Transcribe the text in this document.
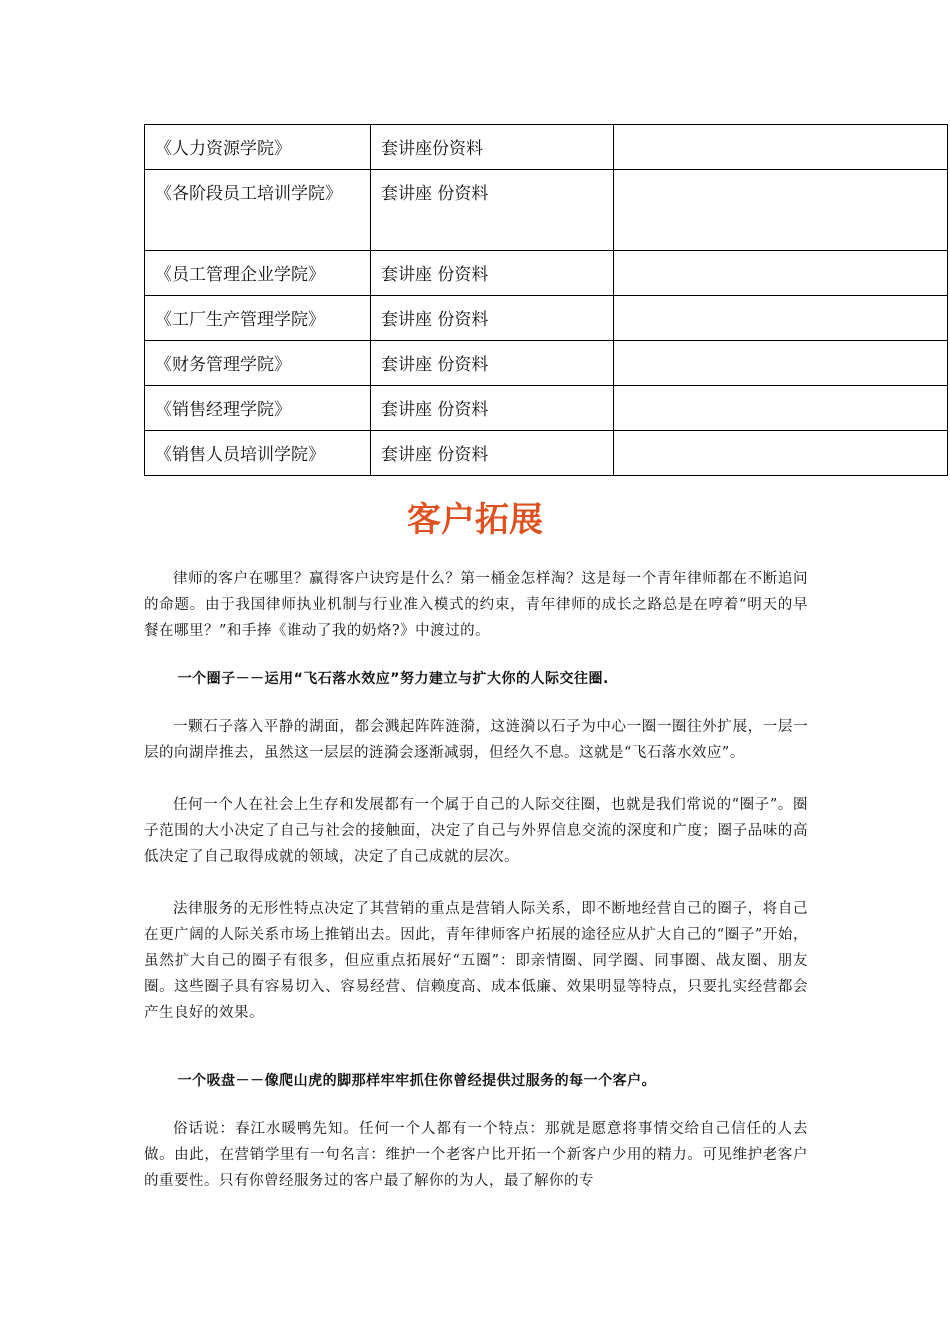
《人力资源学院》	套讲座份资料	
《各阶段员工培训学院》	套讲座 份资料	
《员工管理企业学院》	套讲座 份资料	
《工厂生产管理学院》	套讲座 份资料	
《财务管理学院》	套讲座 份资料	
《销售经理学院》	套讲座 份资料	
《销售人员培训学院》	套讲座 份资料	
客户拓展

律师的客户在哪里？赢得客户诀窍是什么？第一桶金怎样淘？这是每一个青年律师都在不断追问的命题。由于我国律师执业机制与行业准入模式的约束，青年律师的成长之路总是在哼着“明天的早餐在哪里？”和手捧《谁动了我的奶烙?》中渡过的。

一个圈子－－运用“飞石落水效应”努力建立与扩大你的人际交往圈.

一颗石子落入平静的湖面，都会溅起阵阵涟漪，这涟漪以石子为中心一圈一圈往外扩展，一层一层的向湖岸推去，虽然这一层层的涟漪会逐渐减弱，但经久不息。这就是“飞石落水效应”。

任何一个人在社会上生存和发展都有一个属于自己的人际交往圈，也就是我们常说的“圈子”。圈子范围的大小决定了自己与社会的接触面，决定了自己与外界信息交流的深度和广度；圈子品味的高低决定了自己取得成就的领域，决定了自己成就的层次。

法律服务的无形性特点决定了其营销的重点是营销人际关系，即不断地经营自己的圈子，将自己在更广阔的人际关系市场上推销出去。因此，青年律师客户拓展的途径应从扩大自己的“圈子”开始，虽然扩大自己的圈子有很多，但应重点拓展好“五圈”：即亲情圈、同学圈、同事圈、战友圈、朋友圈。这些圈子具有容易切入、容易经营、信赖度高、成本低廉、效果明显等特点，只要扎实经营都会产生良好的效果。

一个吸盘－－像爬山虎的脚那样牢牢抓住你曾经提供过服务的每一个客户。

俗话说：春江水暖鸭先知。任何一个人都有一个特点：那就是愿意将事情交给自己信任的人去做。由此，在营销学里有一句名言：维护一个老客户比开拓一个新客户少用的精力。可见维护老客户的重要性。只有你曾经服务过的客户最了解你的为人，最了解你的专
